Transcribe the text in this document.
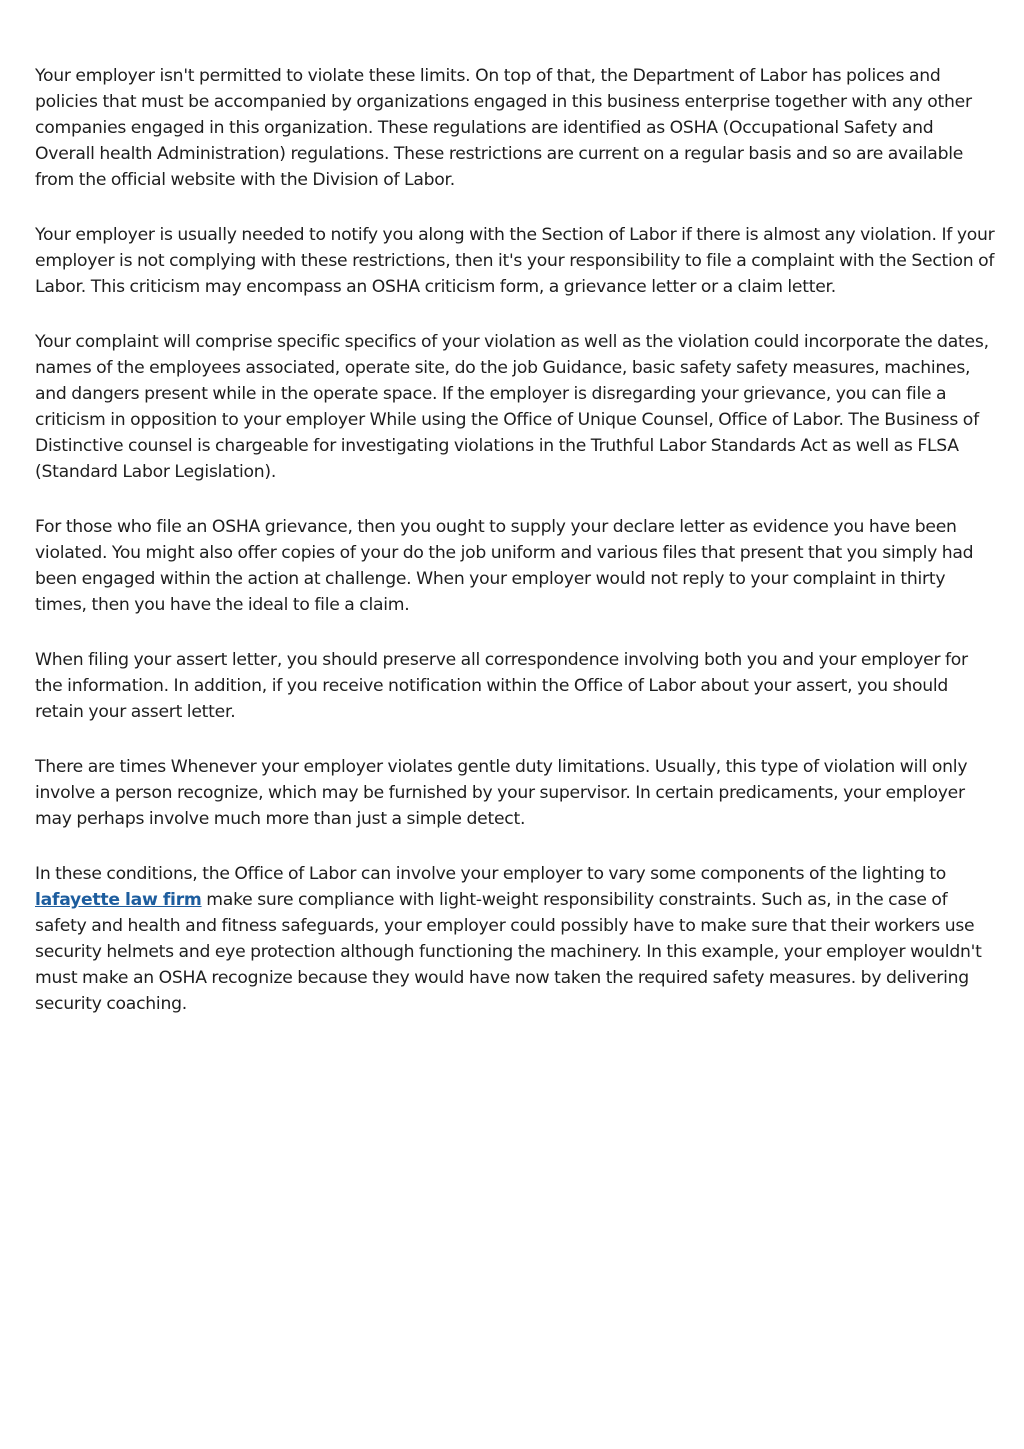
Your employer isn't permitted to violate these limits. On top of that, the Department of Labor has polices and policies that must be accompanied by organizations engaged in this business enterprise together with any other companies engaged in this organization. These regulations are identified as OSHA (Occupational Safety and Overall health Administration) regulations. These restrictions are current on a regular basis and so are available from the official website with the Division of Labor.

Your employer is usually needed to notify you along with the Section of Labor if there is almost any violation. If your employer is not complying with these restrictions, then it's your responsibility to file a complaint with the Section of Labor. This criticism may encompass an OSHA criticism form, a grievance letter or a claim letter.

Your complaint will comprise specific specifics of your violation as well as the violation could incorporate the dates, names of the employees associated, operate site, do the job Guidance, basic safety safety measures, machines, and dangers present while in the operate space. If the employer is disregarding your grievance, you can file a criticism in opposition to your employer While using the Office of Unique Counsel, Office of Labor. The Business of Distinctive counsel is chargeable for investigating violations in the Truthful Labor Standards Act as well as FLSA (Standard Labor Legislation).

For those who file an OSHA grievance, then you ought to supply your declare letter as evidence you have been violated. You might also offer copies of your do the job uniform and various files that present that you simply had been engaged within the action at challenge. When your employer would not reply to your complaint in thirty times, then you have the ideal to file a claim.

When filing your assert letter, you should preserve all correspondence involving both you and your employer for the information. In addition, if you receive notification within the Office of Labor about your assert, you should retain your assert letter.

There are times Whenever your employer violates gentle duty limitations. Usually, this type of violation will only involve a person recognize, which may be furnished by your supervisor. In certain predicaments, your employer may perhaps involve much more than just a simple detect.

In these conditions, the Office of Labor can involve your employer to vary some components of the lighting to lafayette law firm make sure compliance with light-weight responsibility constraints. Such as, in the case of safety and health and fitness safeguards, your employer could possibly have to make sure that their workers use security helmets and eye protection although functioning the machinery. In this example, your employer wouldn't must make an OSHA recognize because they would have now taken the required safety measures. by delivering security coaching.
